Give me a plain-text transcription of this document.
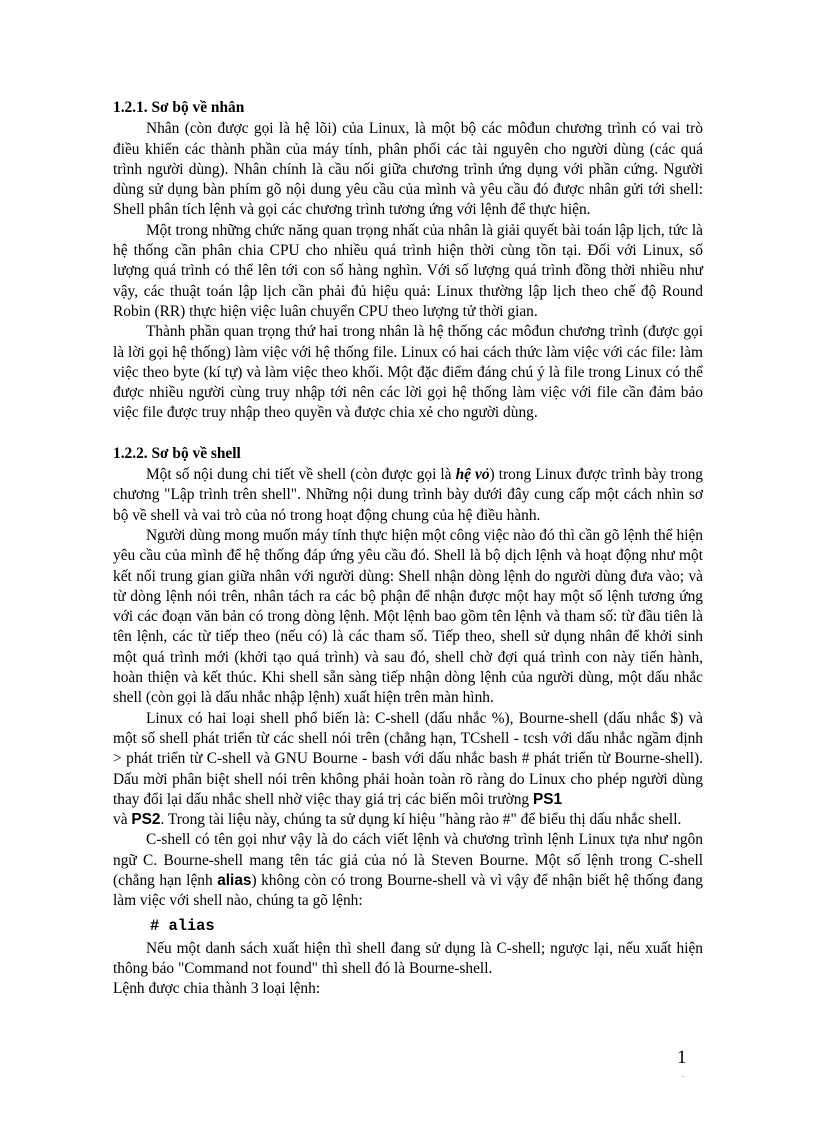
1.2.1. Sơ bộ về nhân

Nhân (còn được gọi là hệ lõi) của Linux, là một bộ các môđun chương trình có vai trò điều khiển các thành phần của máy tính, phân phối các tài nguyên cho người dùng (các quá trình người dùng). Nhân chính là cầu nối giữa chương trình ứng dụng với phần cứng. Người dùng sử dụng bàn phím gõ nội dung yêu cầu của mình và yêu cầu đó được nhân gửi tới shell: Shell phân tích lệnh và gọi các chương trình tương ứng với lệnh để thực hiện.

Một trong những chức năng quan trọng nhất của nhân là giải quyết bài toán lập lịch, tức là hệ thống cần phân chia CPU cho nhiều quá trình hiện thời cùng tồn tại. Đối với Linux, số lượng quá trình có thể lên tới con số hàng nghìn. Với số lượng quá trình đồng thời nhiều như vậy, các thuật toán lập lịch cần phải đủ hiệu quả: Linux thường lập lịch theo chế độ Round Robin (RR) thực hiện việc luân chuyển CPU theo lượng tử thời gian.

Thành phần quan trọng thứ hai trong nhân là hệ thống các môđun chương trình (được gọi là lời gọi hệ thống) làm việc với hệ thống file. Linux có hai cách thức làm việc với các file: làm việc theo byte (kí tự) và làm việc theo khối. Một đặc điểm đáng chú ý là file trong Linux có thể được nhiều người cùng truy nhập tới nên các lời gọi hệ thống làm việc với file cần đảm bảo việc file được truy nhập theo quyền và được chia xẻ cho người dùng.

1.2.2. Sơ bộ về shell

Một số nội dung chi tiết về shell (còn được gọi là hệ vỏ) trong Linux được trình bày trong chương "Lập trình trên shell". Những nội dung trình bày dưới đây cung cấp một cách nhìn sơ bộ về shell và vai trò của nó trong hoạt động chung của hệ điều hành.

Người dùng mong muốn máy tính thực hiện một công việc nào đó thì cần gõ lệnh thể hiện yêu cầu của mình để hệ thống đáp ứng yêu cầu đó. Shell là bộ dịch lệnh và hoạt động như một kết nối trung gian giữa nhân với người dùng: Shell nhận dòng lệnh do người dùng đưa vào; và từ dòng lệnh nói trên, nhân tách ra các bộ phận để nhận được một hay một số lệnh tương ứng với các đoạn văn bản có trong dòng lệnh. Một lệnh bao gồm tên lệnh và tham số: từ đầu tiên là tên lệnh, các từ tiếp theo (nếu có) là các tham số. Tiếp theo, shell sử dụng nhân để khởi sinh một quá trình mới (khởi tạo quá trình) và sau đó, shell chờ đợi quá trình con này tiến hành, hoàn thiện và kết thúc. Khi shell sẵn sàng tiếp nhận dòng lệnh của người dùng, một dấu nhắc shell (còn gọi là dấu nhắc nhập lệnh) xuất hiện trên màn hình.

Linux có hai loại shell phổ biến là: C-shell (dấu nhắc %), Bourne-shell (dấu nhắc $) và một số shell phát triển từ các shell nói trên (chẳng hạn, TCshell - tcsh với dấu nhắc ngầm định > phát triển từ C-shell và GNU Bourne - bash với dấu nhắc bash # phát triển từ Bourne-shell). Dấu mời phân biệt shell nói trên không phải hoàn toàn rõ ràng do Linux cho phép người dùng thay đổi lại dấu nhắc shell nhờ việc thay giá trị các biến môi trường PS1
và PS2. Trong tài liệu này, chúng ta sử dụng kí hiệu "hàng rào #" để biểu thị dấu nhắc shell.

C-shell có tên gọi như vậy là do cách viết lệnh và chương trình lệnh Linux tựa như ngôn ngữ C. Bourne-shell mang tên tác giả của nó là Steven Bourne. Một số lệnh trong C-shell (chẳng hạn lệnh alias) không còn có trong Bourne-shell và vì vậy để nhận biết hệ thống đang làm việc với shell nào, chúng ta gõ lệnh:

# alias

Nếu một danh sách xuất hiện thì shell đang sử dụng là C-shell; ngược lại, nếu xuất hiện thông báo "Command not found" thì shell đó là Bourne-shell.

Lệnh được chia thành 3 loại lệnh:

1
.
